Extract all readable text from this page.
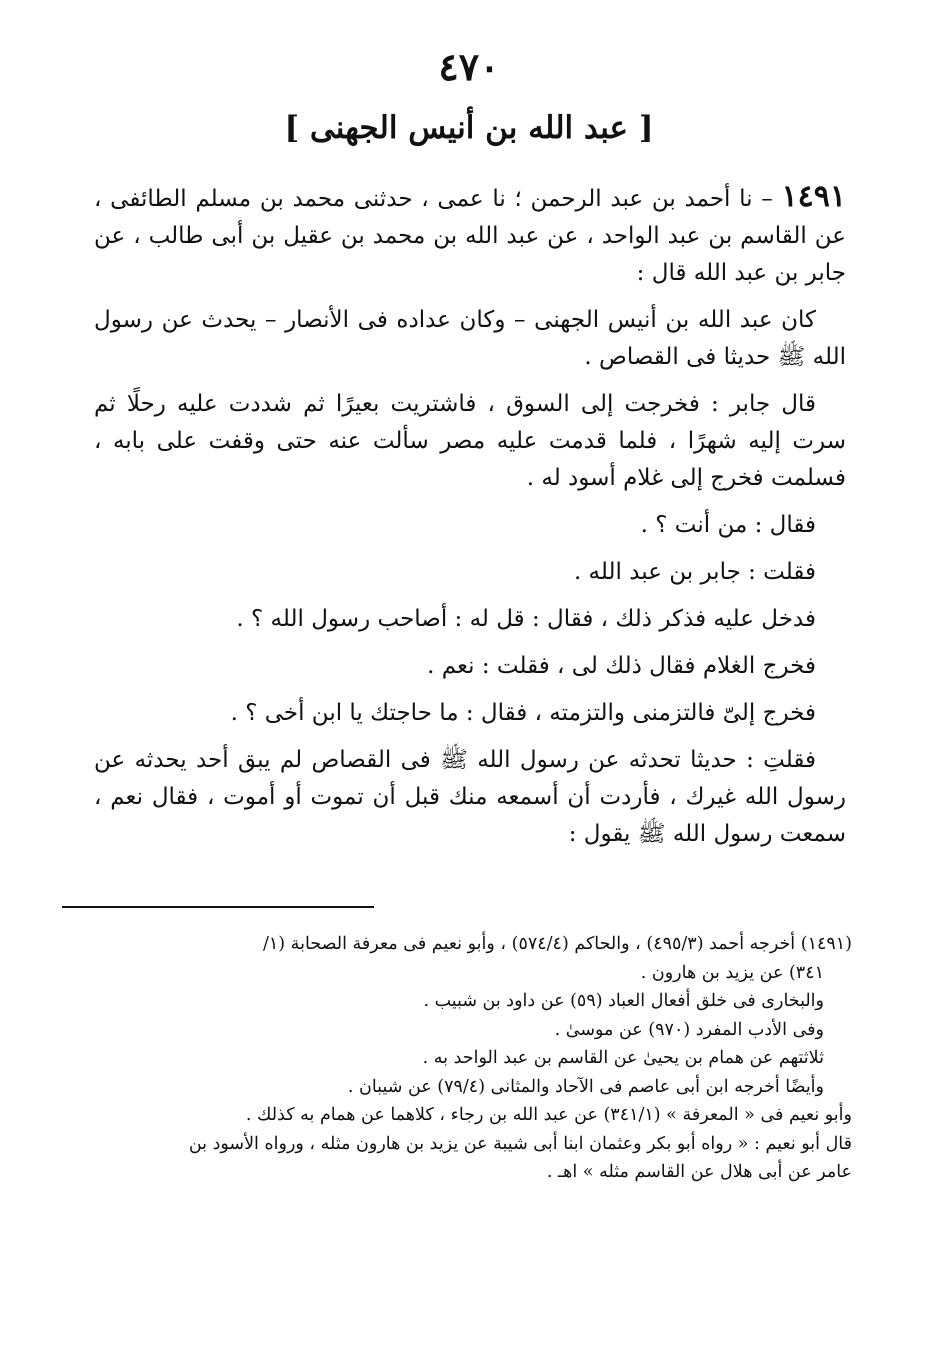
٤٧٠
[ عبد الله بن أنيس الجهنى ]

١٤٩١ – نا أحمد بن عبد الرحمن ؛ نا عمى ، حدثنى محمد بن مسلم الطائفى ، عن القاسم بن عبد الواحد ، عن عبد الله بن محمد بن عقيل بن أبى طالب ، عن جابر بن عبد الله قال :

كان عبد الله بن أنيس الجهنى – وكان عداده فى الأنصار – يحدث عن رسول الله ﷺ حديثا فى القصاص .

قال جابر : فخرجت إلى السوق ، فاشتريت بعيرًا ثم شددت عليه رحلًا ثم سرت إليه شهرًا ، فلما قدمت عليه مصر سألت عنه حتى وقفت على بابه ، فسلمت فخرج إلى غلام أسود له .

فقال : من أنت ؟ .

فقلت : جابر بن عبد الله .

فدخل عليه فذكر ذلك ، فقال : قل له : أصاحب رسول الله ؟ .

فخرج الغلام فقال ذلك لى ، فقلت : نعم .

فخرج إلىّ فالتزمنى والتزمته ، فقال : ما حاجتك يا ابن أخى ؟ .

فقلتِ : حديثا تحدثه عن رسول الله ﷺ فى القصاص لم يبق أحد يحدثه عن رسول الله غيرك ، فأردت أن أسمعه منك قبل أن تموت أو أموت ، فقال نعم ، سمعت رسول الله ﷺ يقول :

(١٤٩١) أخرجه أحمد (٤٩٥/٣) ، والحاكم (٥٧٤/٤) ، وأبو نعيم فى معرفة الصحابة (١/

٣٤١) عن يزيد بن هارون .

والبخارى فى خلق أفعال العباد (٥٩) عن داود بن شبيب .

وفى الأدب المفرد (٩٧٠) عن موسىٰ .

ثلاثتهم عن همام بن يحيىٰ عن القاسم بن عبد الواحد به .

وأيضًا أخرجه ابن أبى عاصم فى الآحاد والمثانى (٧٩/٤) عن شيبان .

وأبو نعيم فى « المعرفة » (٣٤١/١) عن عبد الله بن رجاء ، كلاهما عن همام به كذلك .

قال أبو نعيم : « رواه أبو بكر وعثمان ابنا أبى شيبة عن يزيد بن هارون مثله ، ورواه الأسود بن

عامر عن أبى هلال عن القاسم مثله » اهـ .
